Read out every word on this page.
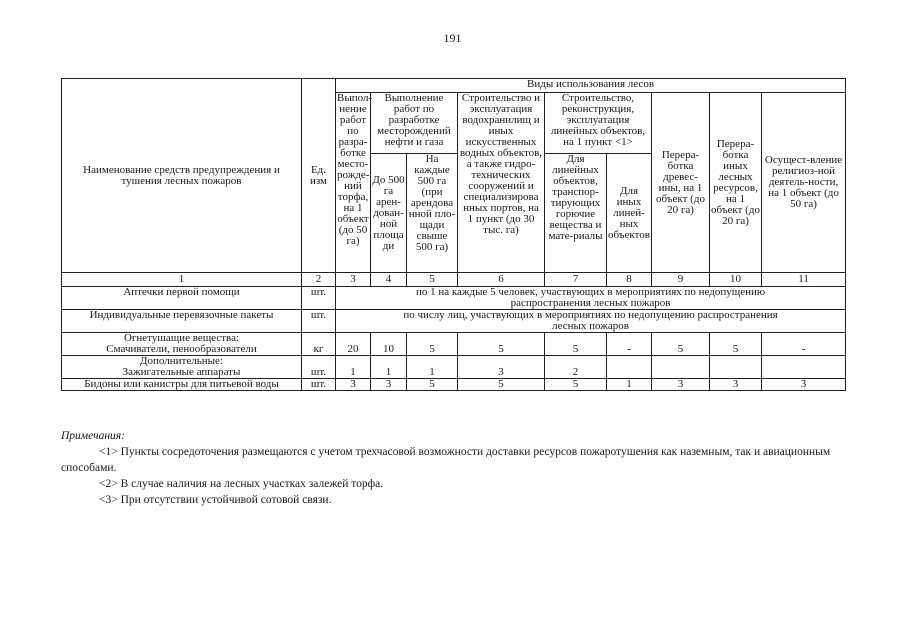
191
Наименование средств предупреждения и тушения лесных пожаров	Ед. изм	Виды использования лесов								
		Выпол-нение работ по разра-ботке место-рожде-ний торфа, на 1 объект (до 50 га)	Выполнение работ по разработке месторождений нефти и газа		Строительство и эксплуатация водохранилищ и иных искусственных водных объектов, а также гидро-технических сооружений и специализирова нных портов, на 1 пункт (до 30 тыс. га)	Строительство, реконструкция, эксплуатация линейных объектов, на 1 пункт <1>		Перера-ботка древес-ины, на 1 объект (до 20 га)	Перера-ботка иных лесных ресурсов, на 1 объект (до 20 га)	Осущест-вление религиоз-ной деятель-ности, на 1 объект (до 50 га)
			До 500 га арен-дован-ной площа ди	На каждые 500 га (при арендова нной пло-щади свыше 500 га)		Для линейных объектов, транспор-тирующих горючие вещества и мате-риалы	Для иных линей-ных объектов			
1	2	3	4	5	6	7	8	9	10	11
Аптечки первой помощи	шт.	по 1 на каждые 5 человек, участвующих в мероприятиях по недопущению распространения лесных пожаров								
Индивидуальные перевязочные пакеты	шт.	по числу лиц, участвующих в мероприятиях по недопущению распространения лесных пожаров								

Огнетушащие вещества:
Смачиватели, пенообразователи	кг	20	10	5	5	5	-	5	5	-

Дополнительные:
Зажигательные аппараты	шт.	1	1	1	3	2				
Бидоны или канистры для питьевой воды	шт.	3	3	5	5	5	1	3	3	3
Примечания:
<1> Пункты сосредоточения размещаются с учетом трехчасовой возможности доставки ресурсов пожаротушения как наземным, так и авиационным способами.
<2> В случае наличия на лесных участках залежей торфа.
<3> При отсутствии устойчивой сотовой связи.
